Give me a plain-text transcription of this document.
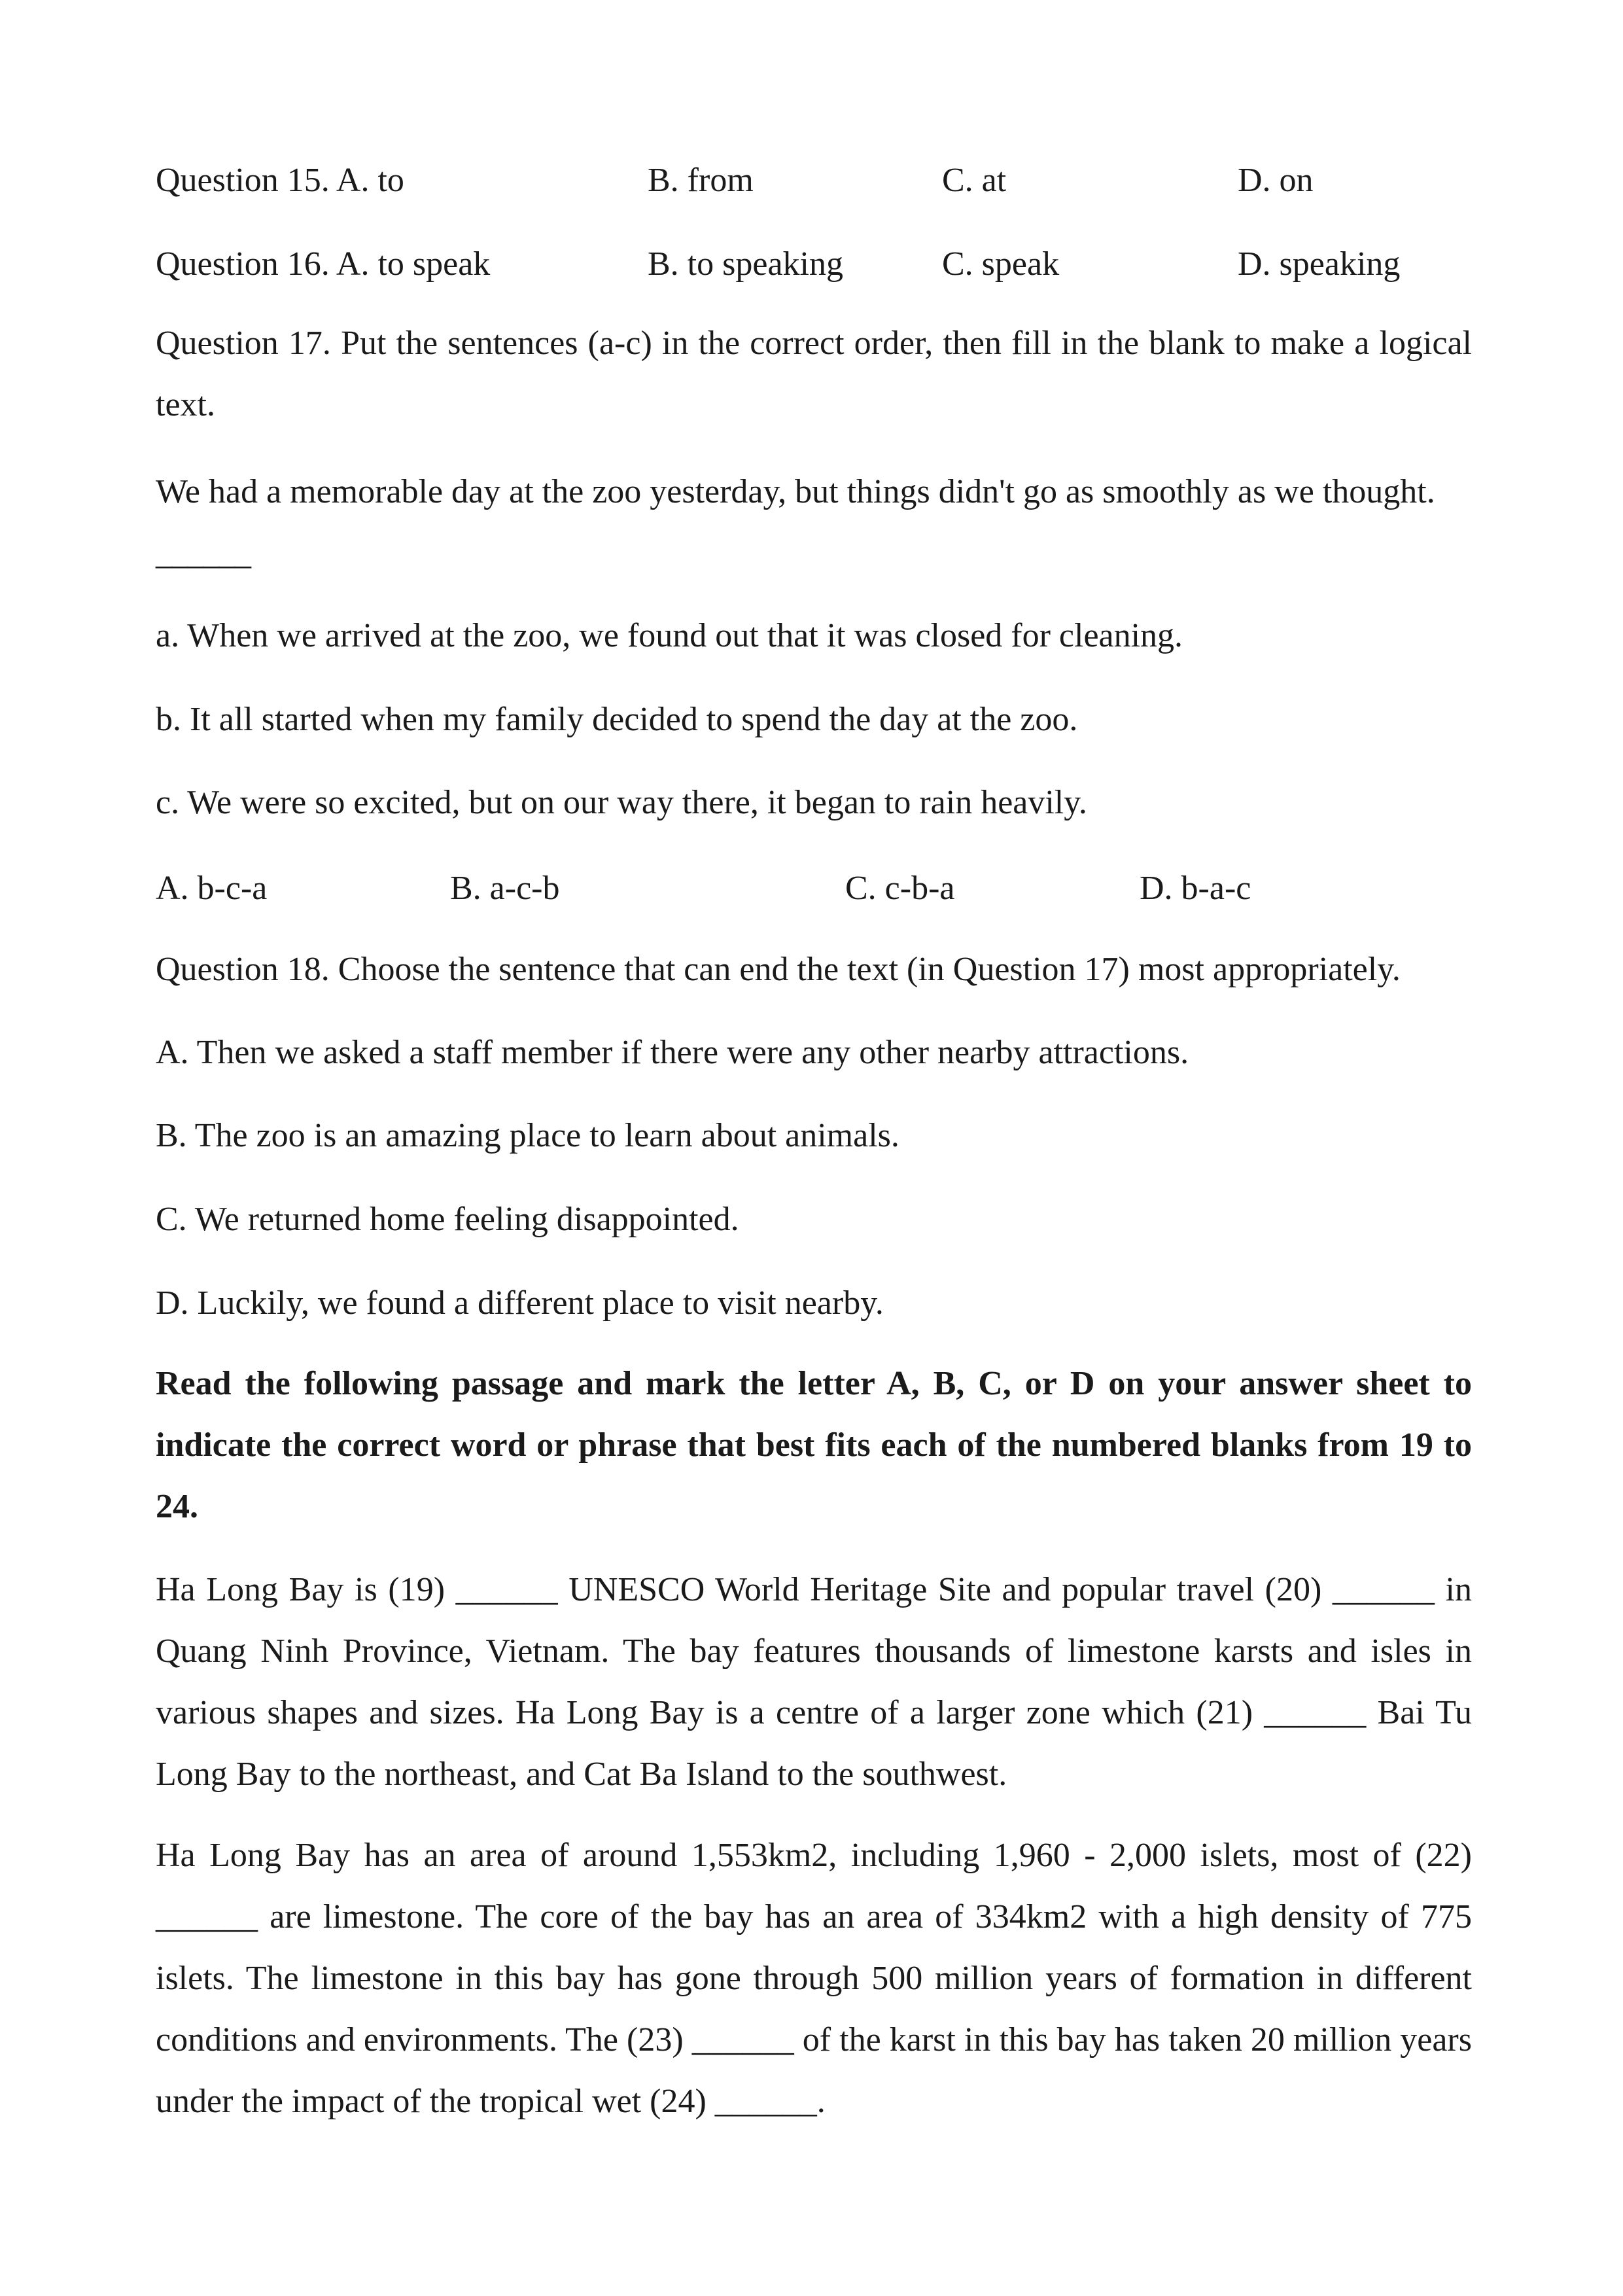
Question 15. A. to	B. from	C. at	D. on
Question 16. A. to speak	B. to speaking	C. speak	D. speaking
Question 17. Put the sentences (a-c) in the correct order, then fill in the blank to make a logical text.
We had a memorable day at the zoo yesterday, but things didn't go as smoothly as we thought.
______
a. When we arrived at the zoo, we found out that it was closed for cleaning.
b. It all started when my family decided to spend the day at the zoo.
c. We were so excited, but on our way there, it began to rain heavily.
A. b-c-a	B. a-c-b	C. c-b-a	D. b-a-c
Question 18. Choose the sentence that can end the text (in Question 17) most appropriately.
A. Then we asked a staff member if there were any other nearby attractions.
B. The zoo is an amazing place to learn about animals.
C. We returned home feeling disappointed.
D. Luckily, we found a different place to visit nearby.
Read the following passage and mark the letter A, B, C, or D on your answer sheet to indicate the correct word or phrase that best fits each of the numbered blanks from 19 to 24.
Ha Long Bay is (19) ______ UNESCO World Heritage Site and popular travel (20) ______ in Quang Ninh Province, Vietnam. The bay features thousands of limestone karsts and isles in various shapes and sizes. Ha Long Bay is a centre of a larger zone which (21) ______ Bai Tu Long Bay to the northeast, and Cat Ba Island to the southwest.
Ha Long Bay has an area of around 1,553km2, including 1,960 - 2,000 islets, most of (22) ______ are limestone. The core of the bay has an area of 334km2 with a high density of 775 islets. The limestone in this bay has gone through 500 million years of formation in different conditions and environments. The (23) ______ of the karst in this bay has taken 20 million years under the impact of the tropical wet (24) ______.
